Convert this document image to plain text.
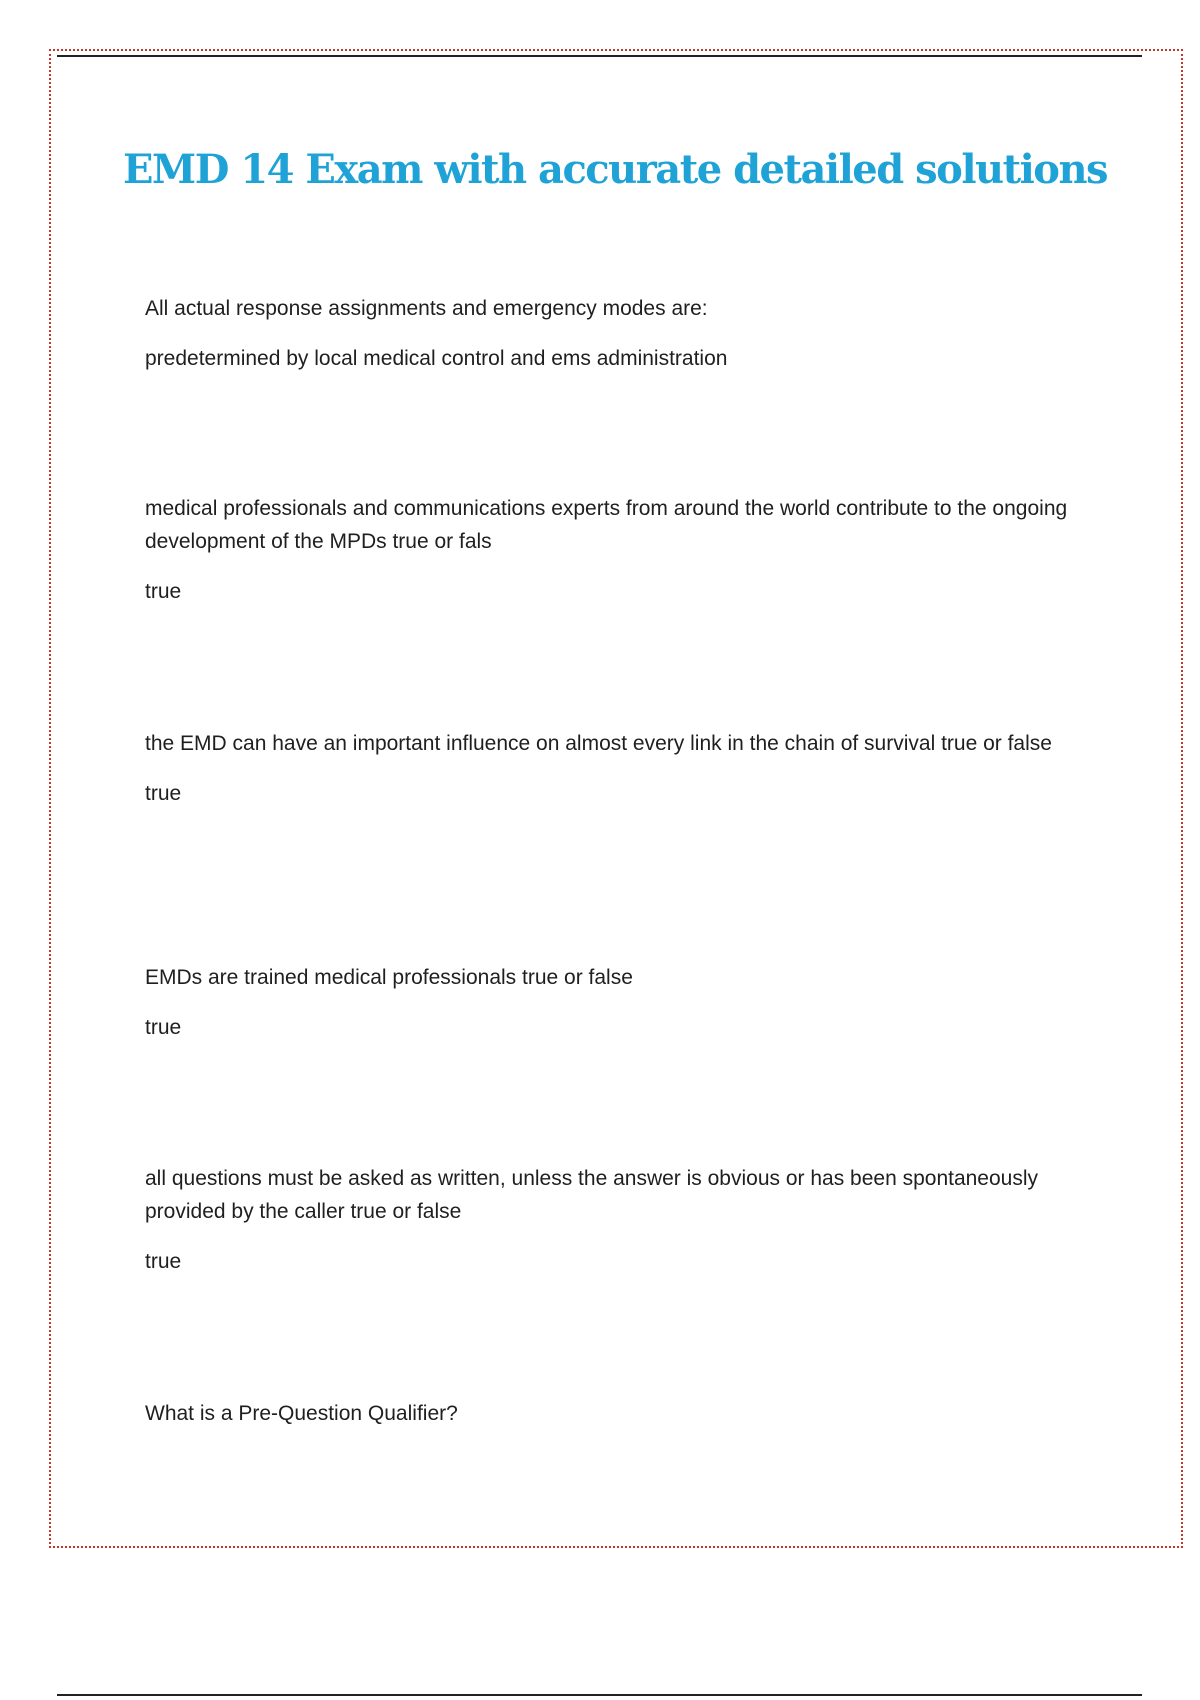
EMD 14 Exam with accurate detailed solutions

All actual response assignments and emergency modes are:

predetermined by local medical control and ems administration

medical professionals and communications experts from around the world contribute to the ongoing development of the MPDs true or fals

true

the EMD can have an important influence on almost every link in the chain of survival true or false

true

EMDs are trained medical professionals true or false

true

all questions must be asked as written, unless the answer is obvious or has been spontaneously provided by the caller true or false

true

What is a Pre-Question Qualifier?
